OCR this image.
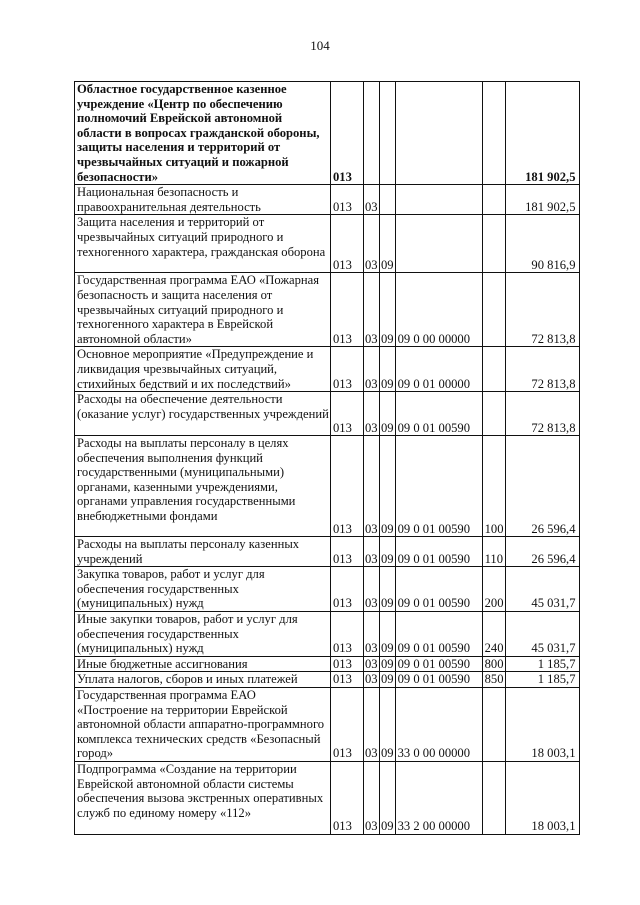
104
Областное государственное казенное учреждение «Центр по обеспечению полномочий Еврейской автономной области в вопросах гражданской обороны, защиты населения и территорий от чрезвычайных ситуаций и пожарной безопасности»	013					181 902,5
Национальная безопасность и правоохранительная деятельность	013	03				181 902,5
Защита населения и территорий от чрезвычайных ситуаций природного и техногенного характера, гражданская оборона	013	03	09			90 816,9
Государственная программа ЕАО «Пожарная безопасность и защита населения от чрезвычайных ситуаций природного и техногенного характера в Еврейской автономной области»	013	03	09	09 0 00 00000		72 813,8
Основное мероприятие «Предупреждение и ликвидация чрезвычайных ситуаций, стихийных бедствий и их последствий»	013	03	09	09 0 01 00000		72 813,8
Расходы на обеспечение деятельности (оказание услуг) государственных учреждений	013	03	09	09 0 01 00590		72 813,8
Расходы на выплаты персоналу в целях обеспечения выполнения функций государственными (муниципальными) органами, казенными учреждениями, органами управления государственными внебюджетными фондами	013	03	09	09 0 01 00590	100	26 596,4
Расходы на выплаты персоналу казенных учреждений	013	03	09	09 0 01 00590	110	26 596,4
Закупка товаров, работ и услуг для обеспечения государственных (муниципальных) нужд	013	03	09	09 0 01 00590	200	45 031,7
Иные закупки товаров, работ и услуг для обеспечения государственных (муниципальных) нужд	013	03	09	09 0 01 00590	240	45 031,7
Иные бюджетные ассигнования	013	03	09	09 0 01 00590	800	1 185,7
Уплата налогов, сборов и иных платежей	013	03	09	09 0 01 00590	850	1 185,7
Государственная программа ЕАО «Построение на территории Еврейской автономной области аппаратно-программного комплекса технических средств «Безопасный город»	013	03	09	33 0 00 00000		18 003,1
Подпрограмма «Создание на территории Еврейской автономной области системы обеспечения вызова экстренных оперативных служб по единому номеру «112»	013	03	09	33 2 00 00000		18 003,1
